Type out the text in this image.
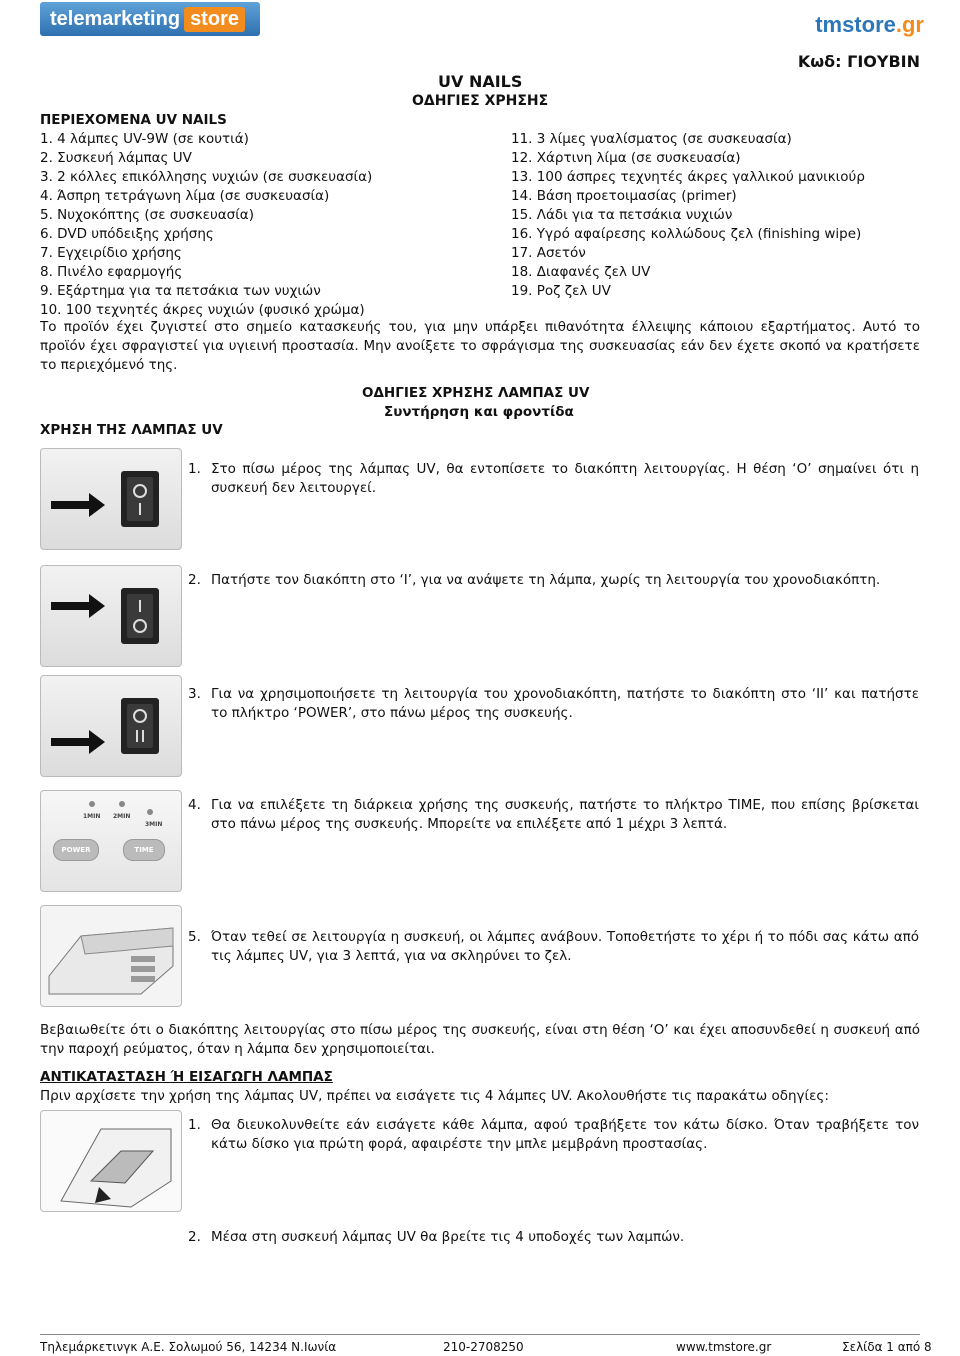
telemarketing store	tmstore.gr
Κωδ: ΓΙΟΥΒΙΝ
UV NAILS
ΟΔΗΓΙΕΣ ΧΡΗΣΗΣ
ΠΕΡΙΕΧΟΜΕΝΑ UV NAILS
1. 4 λάμπες UV-9W (σε κουτιά)
2. Συσκευή λάμπας UV
3. 2 κόλλες επικόλλησης νυχιών (σε συσκευασία)
4. Άσπρη τετράγωνη λίμα (σε συσκευασία)
5. Νυχοκόπτης (σε συσκευασία)
6. DVD υπόδειξης χρήσης
7. Εγχειρίδιο χρήσης
8. Πινέλο εφαρμογής
9. Εξάρτημα για τα πετσάκια των νυχιών
10. 100 τεχνητές άκρες νυχιών (φυσικό χρώμα)
11. 3 λίμες γυαλίσματος (σε συσκευασία)
12. Χάρτινη λίμα (σε συσκευασία)
13. 100 άσπρες τεχνητές άκρες γαλλικού μανικιούρ
14. Βάση προετοιμασίας (primer)
15. Λάδι για τα πετσάκια νυχιών
16. Υγρό αφαίρεσης κολλώδους ζελ (finishing wipe)
17. Ασετόν
18. Διαφανές ζελ UV
19. Ροζ ζελ UV
Το προϊόν έχει ζυγιστεί στο σημείο κατασκευής του, για μην υπάρξει πιθανότητα έλλειψης κάποιου εξαρτήματος. Αυτό το προϊόν έχει σφραγιστεί για υγιεινή προστασία. Μην ανοίξετε το σφράγισμα της συσκευασίας εάν δεν έχετε σκοπό να κρατήσετε το περιεχόμενό της.
ΟΔΗΓΙΕΣ ΧΡΗΣΗΣ ΛΑΜΠΑΣ UV
Συντήρηση και φροντίδα
ΧΡΗΣΗ ΤΗΣ ΛΑΜΠΑΣ UV
1. Στο πίσω μέρος της λάμπας UV, θα εντοπίσετε το διακόπτη λειτουργίας. Η θέση ‘Ο’ σημαίνει ότι η συσκευή δεν λειτουργεί.
2. Πατήστε τον διακόπτη στο ‘I’, για να ανάψετε τη λάμπα, χωρίς τη λειτουργία του χρονοδιακόπτη.
3. Για να χρησιμοποιήσετε τη λειτουργία του χρονοδιακόπτη, πατήστε το διακόπτη στο ‘II’ και πατήστε το πλήκτρο ‘POWER’, στο πάνω μέρος της συσκευής.
1MIN 2MIN
3MIN
POWER	TIME
4. Για να επιλέξετε τη διάρκεια χρήσης της συσκευής, πατήστε το πλήκτρο TIME, που επίσης βρίσκεται στο πάνω μέρος της συσκευής. Μπορείτε να επιλέξετε από 1 μέχρι 3 λεπτά.
5. Όταν τεθεί σε λειτουργία η συσκευή, οι λάμπες ανάβουν. Τοποθετήστε το χέρι ή το πόδι σας κάτω από τις λάμπες UV, για 3 λεπτά, για να σκληρύνει το ζελ.
Βεβαιωθείτε ότι ο διακόπτης λειτουργίας στο πίσω μέρος της συσκευής, είναι στη θέση ‘Ο’ και έχει αποσυνδεθεί η συσκευή από την παροχή ρεύματος, όταν η λάμπα δεν χρησιμοποιείται.
ΑΝΤΙΚΑΤΑΣΤΑΣΗ Ή ΕΙΣΑΓΩΓΗ ΛΑΜΠΑΣ
Πριν αρχίσετε την χρήση της λάμπας UV, πρέπει να εισάγετε τις 4 λάμπες UV. Ακολουθήστε τις παρακάτω οδηγίες:
1. Θα διευκολυνθείτε εάν εισάγετε κάθε λάμπα, αφού τραβήξετε τον κάτω δίσκο. Όταν τραβήξετε τον κάτω δίσκο για πρώτη φορά, αφαιρέστε την μπλε μεμβράνη προστασίας.
2. Μέσα στη συσκευή λάμπας UV θα βρείτε τις 4 υποδοχές των λαμπών.
Τηλεμάρκετινγκ Α.Ε. Σολωμού 56, 14234 Ν.Ιωνία	210-2708250	www.tmstore.gr	Σελίδα 1 από 8
